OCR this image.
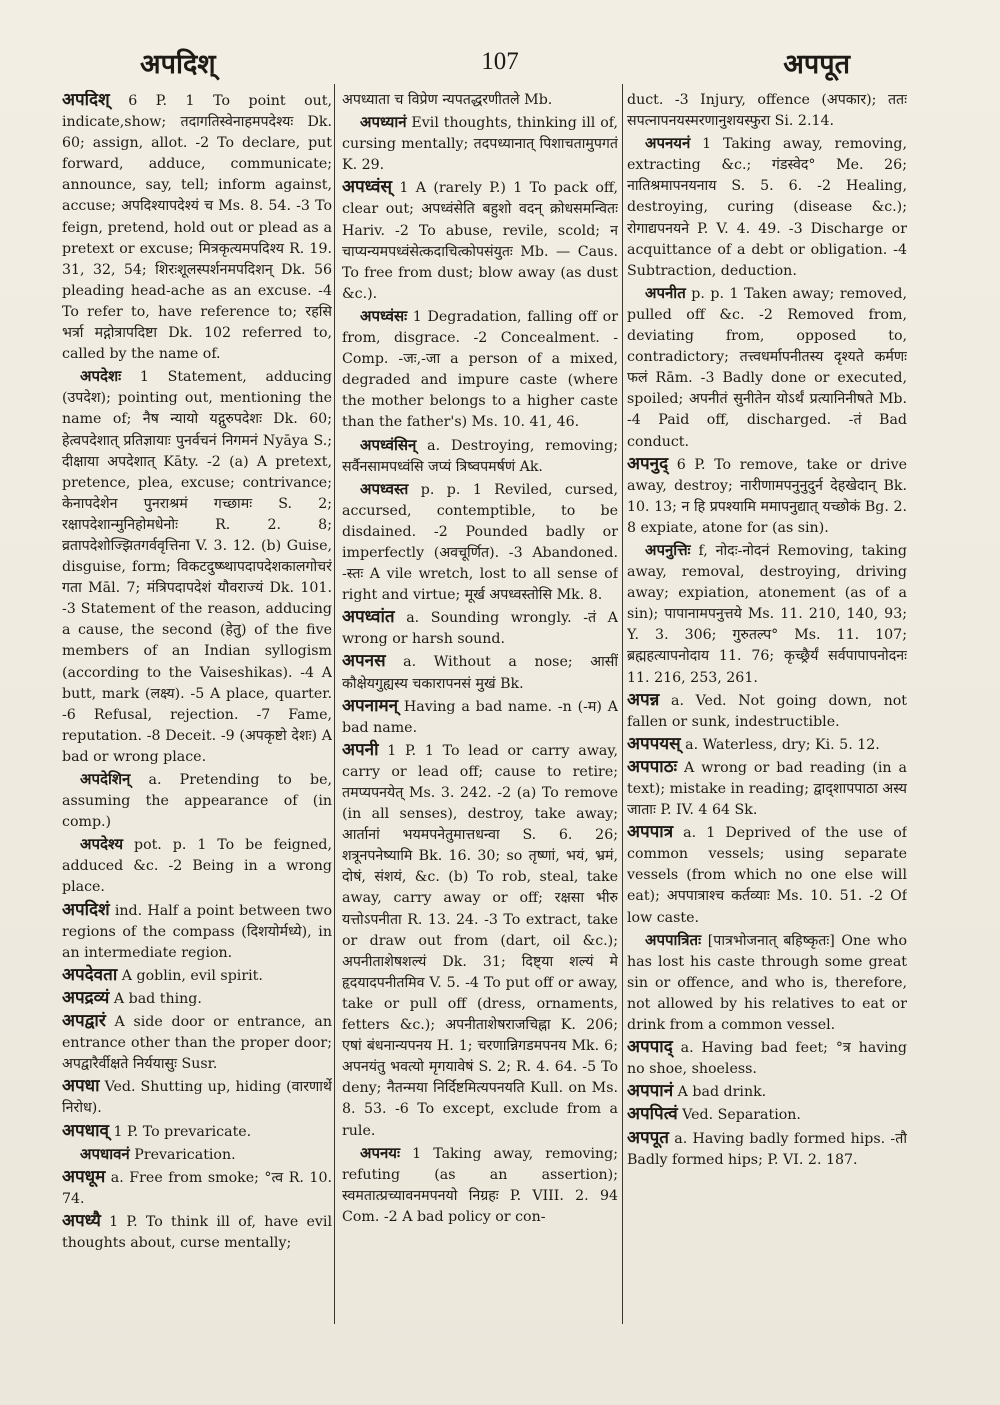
अपदिश्	107	अपपूत

अपदिश् 6 P. 1 To point out, indicate,show; तदागतिस्वेनाहमपदेश्यः Dk. 60; assign, allot. -2 To declare, put forward, adduce, communicate; announce, say, tell; inform against, accuse; अपदिश्यापदेश्यं च Ms. 8. 54. -3 To feign, pretend, hold out or plead as a pretext or excuse; मित्रकृत्यमपदिश्य R. 19. 31, 32, 54; शिरःशूलस्पर्शनमपदिशन् Dk. 56 pleading head-ache as an excuse. -4 To refer to, have reference to; रहसि भर्त्रा मद्गोत्रापदिष्टा Dk. 102 referred to, called by the name of.

अपदेशः 1 Statement, adducing (उपदेश); pointing out, mentioning the name of; नैष न्यायो यद्गुरुपदेशः Dk. 60; हेत्वपदेशात् प्रतिज्ञायाः पुनर्वचनं निगमनं Nyāya S.; दीक्षाया अपदेशात् Kāty. -2 (a) A pretext, pretence, plea, excuse; contrivance; केनापदेशेन पुनराश्रमं गच्छामः S. 2; रक्षापदेशान्मुनिहोमधेनोः R. 2. 8; व्रतापदेशोज्झितगर्ववृत्तिना V. 3. 12. (b) Guise, disguise, form; विकटदुष्ष्थापदापदेशकालगोचरं गता Māl. 7; मंत्रिपदापदेशं यौवराज्यं Dk. 101. -3 Statement of the reason, adducing a cause, the second (हेतु) of the five members of an Indian syllogism (according to the Vaiseshikas). -4 A butt, mark (लक्ष्य). -5 A place, quarter. -6 Refusal, rejection. -7 Fame, reputation. -8 Deceit. -9 (अपकृष्टो देशः) A bad or wrong place.

अपदेशिन् a. Pretending to be, assuming the appearance of (in comp.)

अपदेश्य pot. p. 1 To be feigned, adduced &c. -2 Being in a wrong place.

अपदिशं ind. Half a point between two regions of the compass (दिशयोर्मध्ये), in an intermediate region.

अपदेवता A goblin, evil spirit.

अपद्रव्यं A bad thing.

अपद्वारं A side door or entrance, an entrance other than the proper door; अपद्वारैर्वीक्षते निर्ययासुः Susr.

अपधा Ved. Shutting up, hiding (वारणार्थे निरोध).

अपधाव् 1 P. To prevaricate.

अपधावनं Prevarication.

अपधूम a. Free from smoke; °त्व R. 10. 74.

अपध्यै 1 P. To think ill of, have evil thoughts about, curse mentally;

अपध्याता च विप्रेण न्यपतद्धरणीतले Mb.

अपध्यानं Evil thoughts, thinking ill of, cursing mentally; तदपध्यानात् पिशाचतामुपगतं K. 29.

अपध्वंस् 1 A (rarely P.) 1 To pack off, clear out; अपध्वंसेति बहुशो वदन् क्रोधसमन्वितः Hariv. -2 To abuse, revile, scold; न चाप्यन्यमपध्वंसेत्कदाचित्कोपसंयुतः Mb. — Caus. To free from dust; blow away (as dust &c.).

अपध्वंसः 1 Degradation, falling off or from, disgrace. -2 Concealment. -Comp. -जः,-जा a person of a mixed, degraded and impure caste (where the mother belongs to a higher caste than the father's) Ms. 10. 41, 46.

अपध्वंसिन् a. Destroying, removing; सर्वैनसामपध्वंसि जप्यं त्रिष्वपमर्षणं Ak.

अपध्वस्त p. p. 1 Reviled, cursed, accursed, contemptible, to be disdained. -2 Pounded badly or imperfectly (अवचूर्णित). -3 Abandoned. -स्तः A vile wretch, lost to all sense of right and virtue; मूर्ख अपध्वस्तोसि Mk. 8.

अपध्वांत a. Sounding wrongly. -तं A wrong or harsh sound.

अपनस a. Without a nose; आसीं कौक्षेयगुह्यस्य चकारापनसं मुखं Bk.

अपनामन् Having a bad name. -n (-म) A bad name.

अपनी 1 P. 1 To lead or carry away, carry or lead off; cause to retire; तमप्यपनयेत् Ms. 3. 242. -2 (a) To remove (in all senses), destroy, take away; आर्तानां भयमपनेतुमात्तधन्वा S. 6. 26; शत्रूनपनेष्यामि Bk. 16. 30; so तृष्णां, भयं, भ्रमं, दोषं, संशयं, &c. (b) To rob, steal, take away, carry away or off; रक्षसा भीरु यत्तोऽपनीता R. 13. 24. -3 To extract, take or draw out from (dart, oil &c.); अपनीताशेषशल्यं Dk. 31; दिष्ट्या शल्यं मे हृदयादपनीतमिव V. 5. -4 To put off or away, take or pull off (dress, ornaments, fetters &c.); अपनीताशेषराजचिह्ना K. 206; एषां बंधनान्यपनय H. 1; चरणान्निगडमपनय Mk. 6; अपनयंतु भवत्यो मृगयावेषं S. 2; R. 4. 64. -5 To deny; नैतन्मया निर्दिष्टमित्यपनयति Kull. on Ms. 8. 53. -6 To except, exclude from a rule.

अपनयः 1 Taking away, removing; refuting (as an assertion); स्वमतात्प्रच्यावनमपनयो निग्रहः P. VIII. 2. 94 Com. -2 A bad policy or con-

duct. -3 Injury, offence (अपकार); ततः सपत्नापनयस्मरणानुशयस्फुरा Si. 2.14.

अपनयनं 1 Taking away, removing, extracting &c.; गंडस्वेद° Me. 26; नातिश्रमापनयनाय S. 5. 6. -2 Healing, destroying, curing (disease &c.); रोगाद्यपनयने P. V. 4. 49. -3 Discharge or acquittance of a debt or obligation. -4 Subtraction, deduction.

अपनीत p. p. 1 Taken away; removed, pulled off &c. -2 Removed from, deviating from, opposed to, contradictory; तत्त्वधर्मापनीतस्य दृश्यते कर्मणः फलं Rām. -3 Badly done or executed, spoiled; अपनीतं सुनीतेन योऽर्थं प्रत्यानिनीषते Mb. -4 Paid off, discharged. -तं Bad conduct.

अपनुद् 6 P. To remove, take or drive away, destroy; नारीणामपनुनुदुर्न देहखेदान् Bk. 10. 13; न हि प्रपश्यामि ममापनुद्यात् यच्छोकं Bg. 2. 8 expiate, atone for (as sin).

अपनुत्तिः f, नोदः-नोदनं Removing, taking away, removal, destroying, driving away; expiation, atonement (as of a sin); पापानामपनुत्तये Ms. 11. 210, 140, 93; Y. 3. 306; गुरुतल्प° Ms. 11. 107; ब्रह्महत्यापनोदाय 11. 76; कृच्छ्रैर्यं सर्वपापापनोदनः 11. 216, 253, 261.

अपन्न a. Ved. Not going down, not fallen or sunk, indestructible.

अपपयस् a. Waterless, dry; Ki. 5. 12.

अपपाठः A wrong or bad reading (in a text); mistake in reading; द्वाद्शापपाठा अस्य जाताः P. IV. 4 64 Sk.

अपपात्र a. 1 Deprived of the use of common vessels; using separate vessels (from which no one else will eat); अपपात्राश्च कर्तव्याः Ms. 10. 51. -2 Of low caste.

अपपात्रितः [पात्रभोजनात् बहिष्कृतः] One who has lost his caste through some great sin or offence, and who is, therefore, not allowed by his relatives to eat or drink from a common vessel.

अपपाद् a. Having bad feet; °त्र having no shoe, shoeless.

अपपानं A bad drink.

अपपित्वं Ved. Separation.

अपपूत a. Having badly formed hips. -तौ Badly formed hips; P. VI. 2. 187.
